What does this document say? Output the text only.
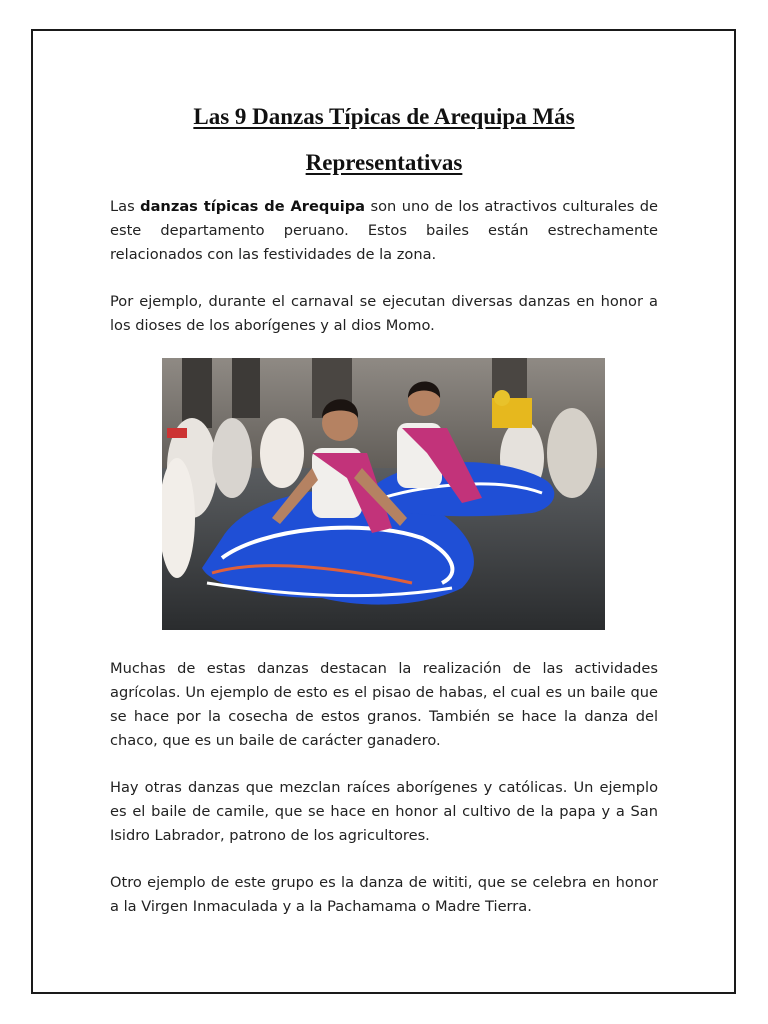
Las 9 Danzas Típicas de Arequipa Más
Representativas

Las danzas típicas de Arequipa son uno de los atractivos culturales de este departamento peruano. Estos bailes están estrechamente relacionados con las festividades de la zona.

Por ejemplo, durante el carnaval se ejecutan diversas danzas en honor a los dioses de los aborígenes y al dios Momo.

Muchas de estas danzas destacan la realización de las actividades agrícolas. Un ejemplo de esto es el pisao de habas, el cual es un baile que se hace por la cosecha de estos granos. También se hace la danza del chaco, que es un baile de carácter ganadero.

Hay otras danzas que mezclan raíces aborígenes y católicas. Un ejemplo es el baile de camile, que se hace en honor al cultivo de la papa y a San Isidro Labrador, patrono de los agricultores.

Otro ejemplo de este grupo es la danza de wititi, que se celebra en honor a la Virgen Inmaculada y a la Pachamama o Madre Tierra.
